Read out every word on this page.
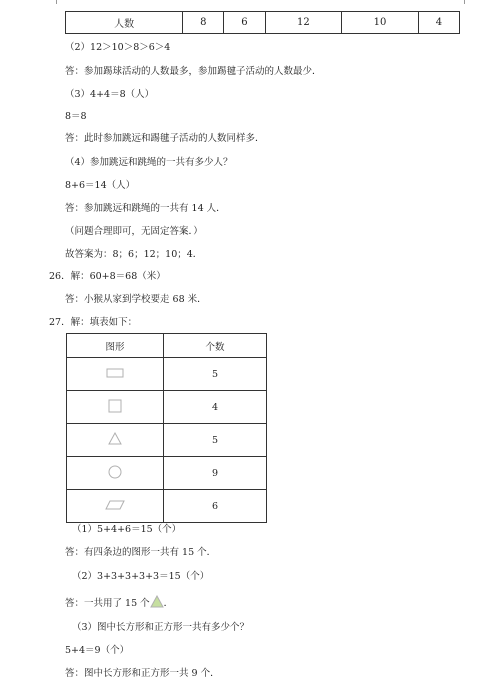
人数	8	6	12	10	4
（2）12＞10＞8＞6＞4
答：参加踢球活动的人数最多，参加踢毽子活动的人数最少．
（3）4+4＝8（人）
8＝8
答：此时参加跳远和踢毽子活动的人数同样多．
（4）参加跳远和跳绳的一共有多少人？
8+6＝14（人）
答：参加跳远和跳绳的一共有 14 人．
（问题合理即可，无固定答案．）
故答案为：8；6；12；10；4．
26．解：60+8＝68（米）
答：小猴从家到学校要走 68 米．
27．解：填表如下：
图形	个数
	5
	4
	5
	9
	6
（1）5+4+6＝15（个）
答：有四条边的图形一共有 15 个．
（2）3+3+3+3+3＝15（个）
答：一共用了 15 个 ．
（3）图中长方形和正方形一共有多少个？
5+4＝9（个）
答：图中长方形和正方形一共 9 个．
